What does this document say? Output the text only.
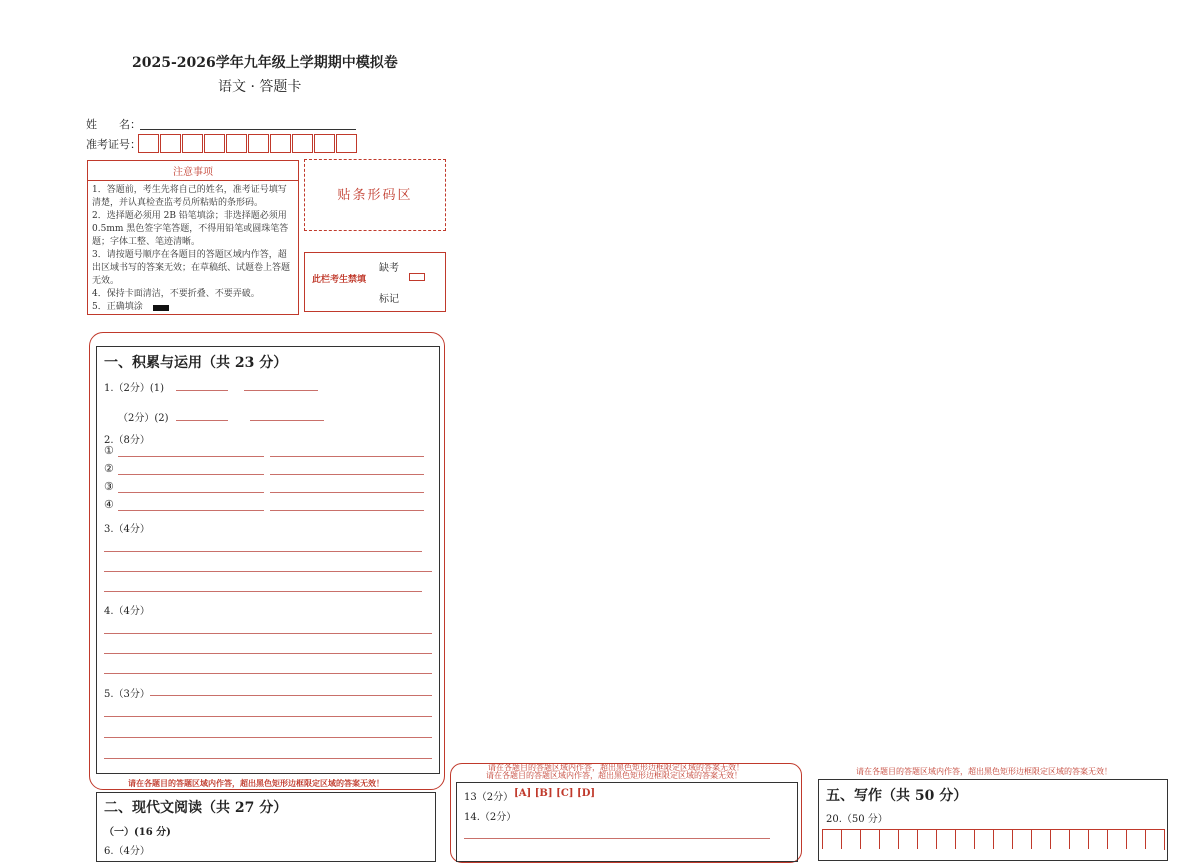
2025-2026学年九年级上学期期中模拟卷
语文 · 答题卡
姓　　名：
准考证号：
注意事项
1．答题前，考生先将自己的姓名，准考证号填写清楚，并认真检查监考员所粘贴的条形码。
2．选择题必须用 2B 铅笔填涂；非选择题必须用 0.5mm 黑色签字笔答题，不得用铅笔或圆珠笔答题；字体工整、笔迹清晰。
3．请按题号顺序在各题目的答题区域内作答，超出区域书写的答案无效；在草稿纸、试题卷上答题无效。
4．保持卡面清洁，不要折叠、不要弄破。
5．正确填涂
贴条形码区
此栏考生禁填
缺考
标记
一、积累与运用（共 23 分）
1.（2分）(1)
（2分）(2)
2.（8分）
①
②
③
④
3.（4分）
4.（4分）
5.（3分）
请在各题目的答题区域内作答，超出黑色矩形边框限定区域的答案无效！
二、现代文阅读（共 27 分）
（一）(16 分)
6.（4分）
请在各题目的答题区域内作答，超出黑色矩形边框限定区域的答案无效！
请在各题目的答题区域内作答，超出黑色矩形边框限定区域的答案无效！
13（2分） [A] [B] [C] [D]
14.（2分）
请在各题目的答题区域内作答，超出黑色矩形边框限定区域的答案无效！
五、写作（共 50 分）
20.（50 分）
